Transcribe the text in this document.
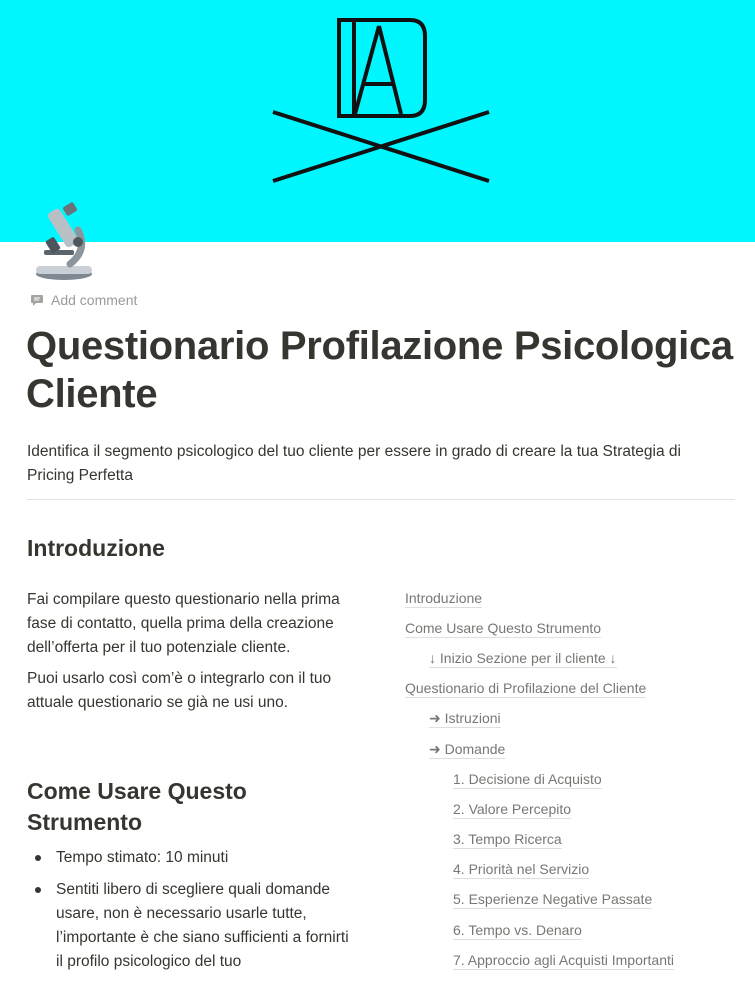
Add comment
Questionario Profilazione Psicologica
Cliente
Identifica il segmento psicologico del tuo cliente per essere in grado di creare la tua Strategia di Pricing Perfetta
Introduzione

Fai compilare questo questionario nella prima fase di contatto, quella prima della creazione dell’offerta per il tuo potenziale cliente.

Puoi usarlo così com’è o integrarlo con il tuo attuale questionario se già ne usi uno.

Come Usare Questo
Strumento
Tempo stimato: 10 minuti
Sentiti libero di scegliere quali domande usare, non è necessario usarle tutte, l’importante è che siano sufficienti a fornirti il profilo psicologico del tuo
Introduzione
Come Usare Questo Strumento
↓ Inizio Sezione per il cliente ↓
Questionario di Profilazione del Cliente
➜ Istruzioni
➜ Domande
1. Decisione di Acquisto
2. Valore Percepito
3. Tempo Ricerca
4. Priorità nel Servizio
5. Esperienze Negative Passate
6. Tempo vs. Denaro
7. Approccio agli Acquisti Importanti
